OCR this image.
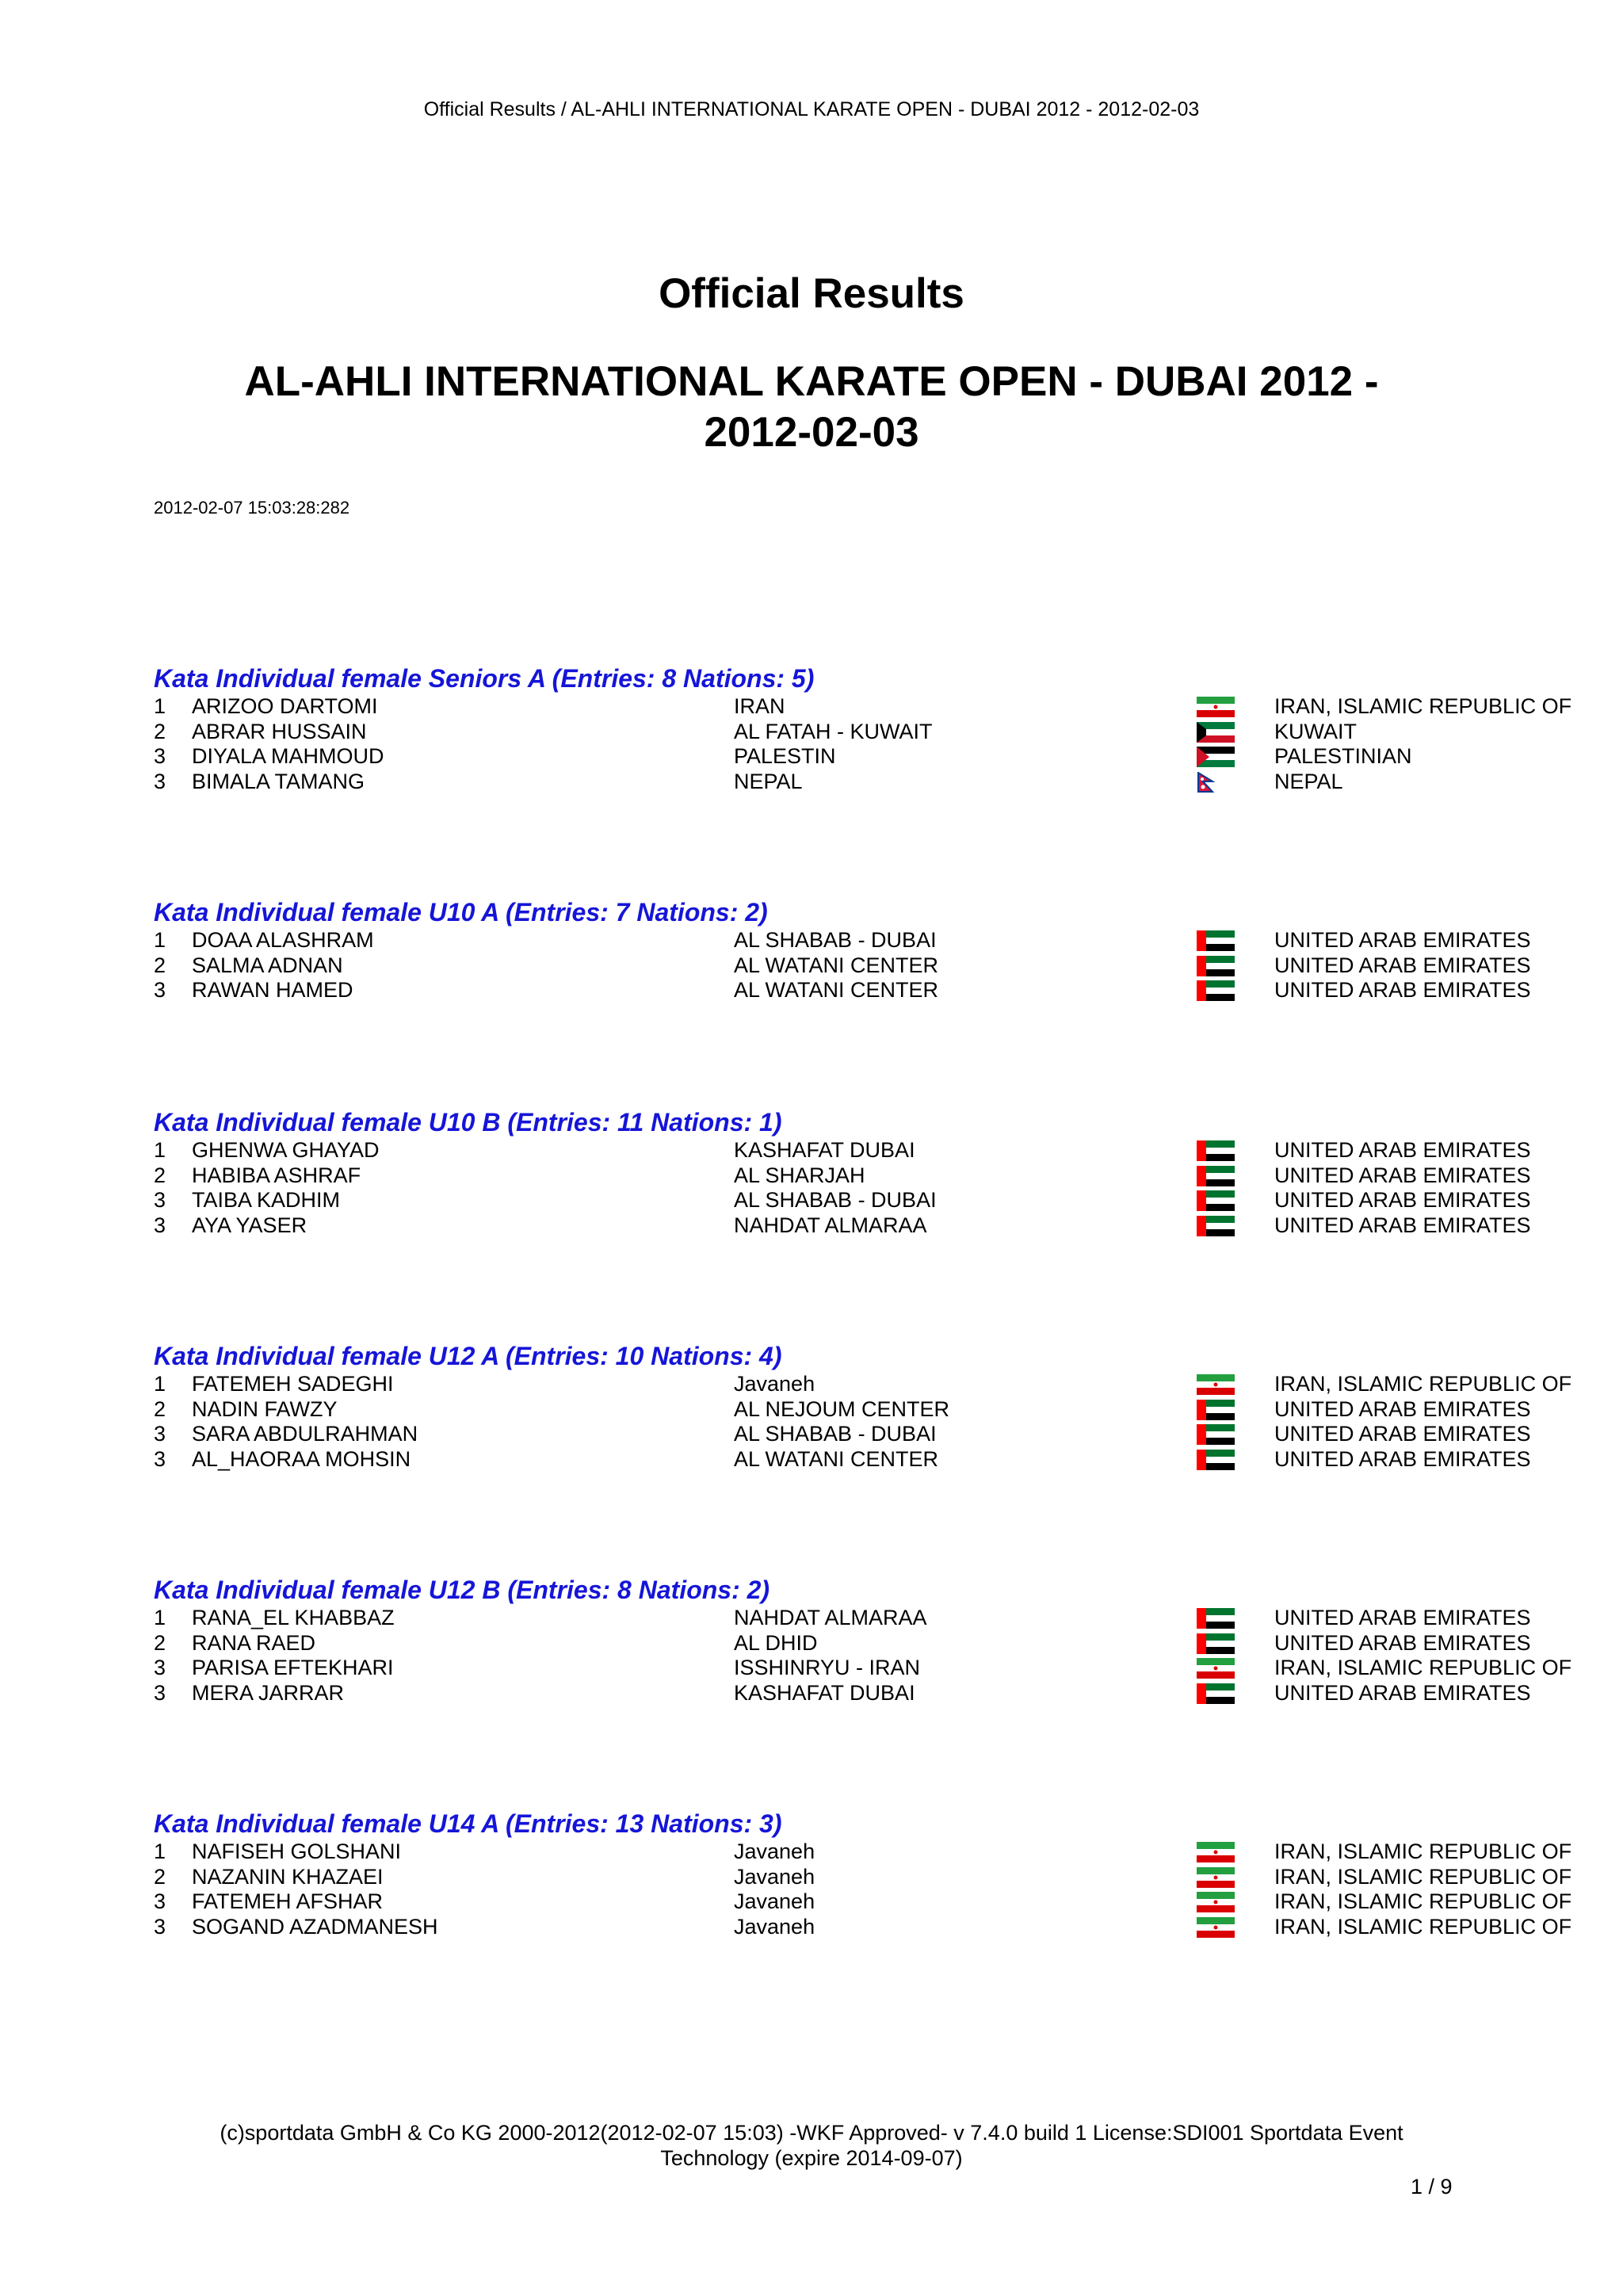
Official Results / AL-AHLI INTERNATIONAL KARATE OPEN - DUBAI 2012 - 2012-02-03
Official Results
AL-AHLI INTERNATIONAL KARATE OPEN - DUBAI 2012 -
2012-02-03
2012-02-07 15:03:28:282
Kata Individual female Seniors A (Entries: 8 Nations: 5)
1 ARIZOO DARTOMI	IRAN	IRAN, ISLAMIC REPUBLIC OF
2 ABRAR HUSSAIN	AL FATAH - KUWAIT	KUWAIT
3 DIYALA MAHMOUD	PALESTIN	PALESTINIAN
3 BIMALA TAMANG	NEPAL	NEPAL
Kata Individual female U10 A (Entries: 7 Nations: 2)
1 DOAA ALASHRAM	AL SHABAB - DUBAI	UNITED ARAB EMIRATES
2 SALMA ADNAN	AL WATANI CENTER	UNITED ARAB EMIRATES
3 RAWAN HAMED	AL WATANI CENTER	UNITED ARAB EMIRATES
Kata Individual female U10 B (Entries: 11 Nations: 1)
1 GHENWA GHAYAD	KASHAFAT DUBAI	UNITED ARAB EMIRATES
2 HABIBA ASHRAF	AL SHARJAH	UNITED ARAB EMIRATES
3 TAIBA KADHIM	AL SHABAB - DUBAI	UNITED ARAB EMIRATES
3 AYA YASER	NAHDAT ALMARAA	UNITED ARAB EMIRATES
Kata Individual female U12 A (Entries: 10 Nations: 4)
1 FATEMEH SADEGHI	Javaneh	IRAN, ISLAMIC REPUBLIC OF
2 NADIN FAWZY	AL NEJOUM CENTER	UNITED ARAB EMIRATES
3 SARA ABDULRAHMAN	AL SHABAB - DUBAI	UNITED ARAB EMIRATES
3 AL_HAORAA MOHSIN	AL WATANI CENTER	UNITED ARAB EMIRATES
Kata Individual female U12 B (Entries: 8 Nations: 2)
1 RANA_EL KHABBAZ	NAHDAT ALMARAA	UNITED ARAB EMIRATES
2 RANA RAED	AL DHID	UNITED ARAB EMIRATES
3 PARISA EFTEKHARI	ISSHINRYU - IRAN	IRAN, ISLAMIC REPUBLIC OF
3 MERA JARRAR	KASHAFAT DUBAI	UNITED ARAB EMIRATES
Kata Individual female U14 A (Entries: 13 Nations: 3)
1 NAFISEH GOLSHANI	Javaneh	IRAN, ISLAMIC REPUBLIC OF
2 NAZANIN KHAZAEI	Javaneh	IRAN, ISLAMIC REPUBLIC OF
3 FATEMEH AFSHAR	Javaneh	IRAN, ISLAMIC REPUBLIC OF
3 SOGAND AZADMANESH	Javaneh	IRAN, ISLAMIC REPUBLIC OF
(c)sportdata GmbH & Co KG 2000-2012(2012-02-07 15:03) -WKF Approved- v 7.4.0 build 1 License:SDI001 Sportdata Event
Technology (expire 2014-09-07)
1 / 9
